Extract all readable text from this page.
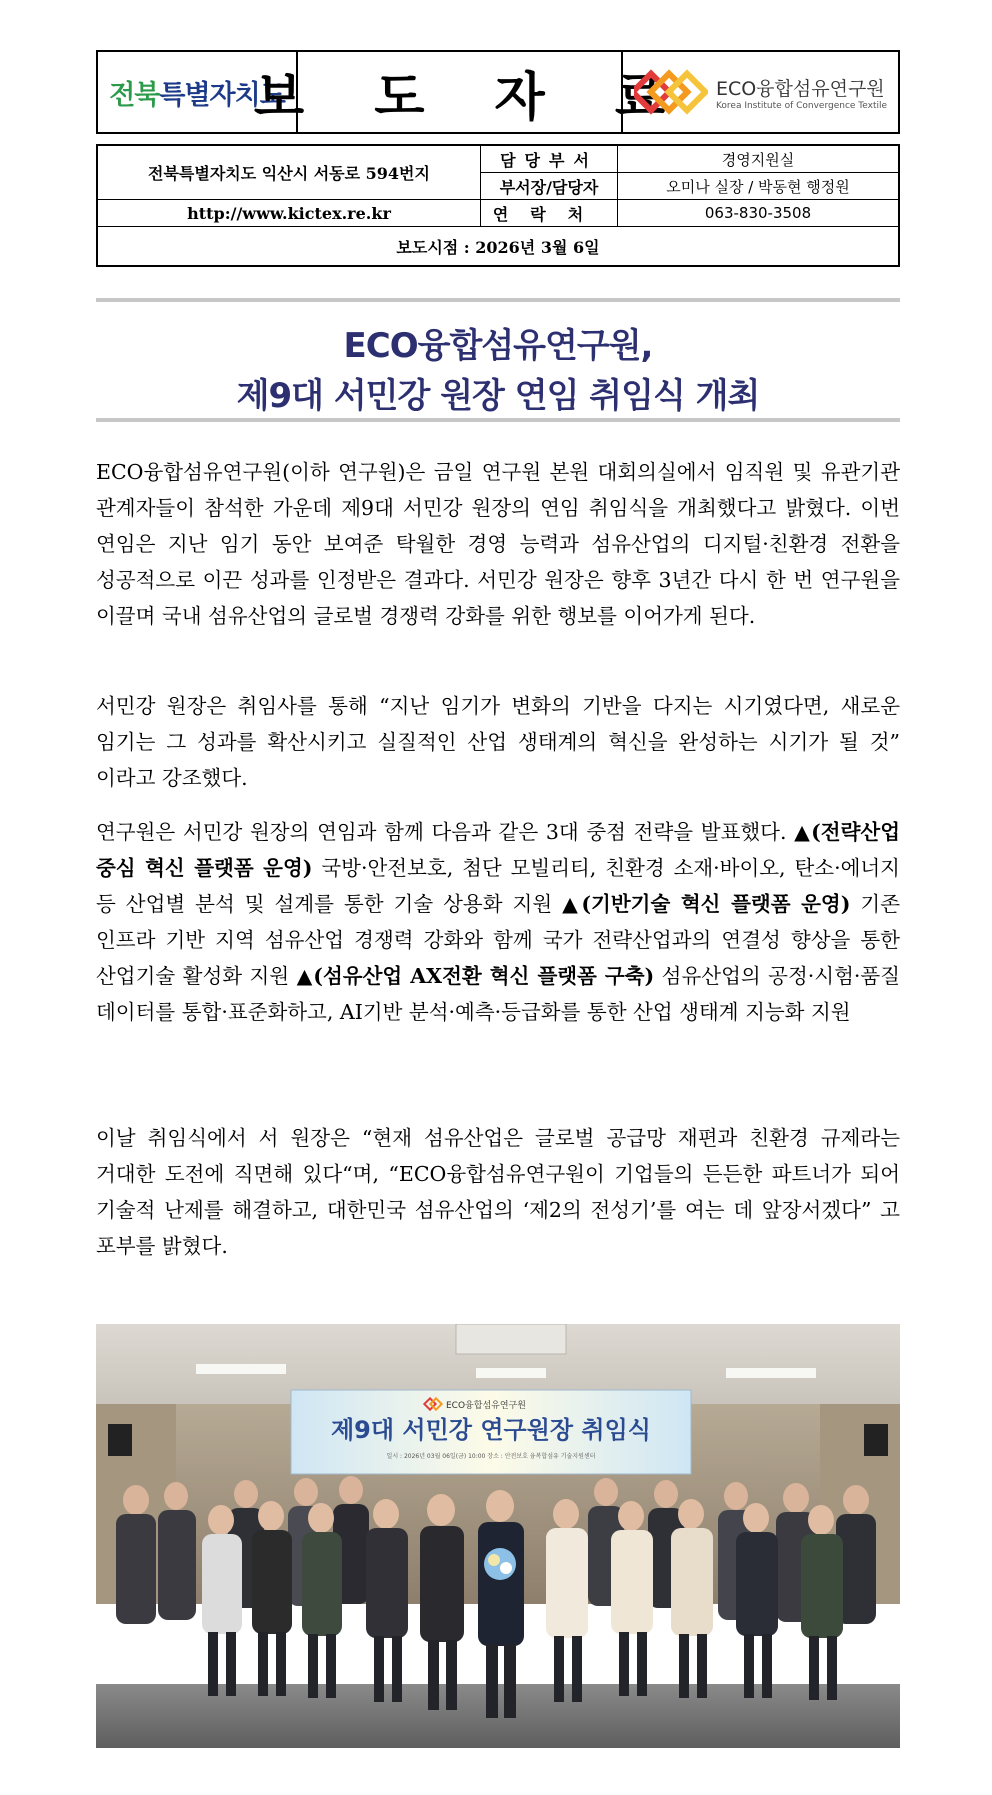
전북특별자치도
보 도 자 료 ECO융합섬유연구원
Korea Institute of Convergence Textile
전북특별자치도 익산시 서동로 594번지	담당부서	경영지원실
	부서장/담당자	오미나 실장 / 박동현 행정원
http://www.kictex.re.kr	연락처	063-830-3508
보도시점 : 2026년 3월 6일		
ECO융합섬유연구원,
제9대 서민강 원장 연임 취임식 개최
ECO융합섬유연구원(이하 연구원)은 금일 연구원 본원 대회의실에서 임직원 및 유관기관 관계자들이 참석한 가운데 제9대 서민강 원장의 연임 취임식을 개최했다고 밝혔다. 이번 연임은 지난 임기 동안 보여준 탁월한 경영 능력과 섬유산업의 디지털·친환경 전환을 성공적으로 이끈 성과를 인정받은 결과다. 서민강 원장은 향후 3년간 다시 한 번 연구원을 이끌며 국내 섬유산업의 글로벌 경쟁력 강화를 위한 행보를 이어가게 된다.
서민강 원장은 취임사를 통해 “지난 임기가 변화의 기반을 다지는 시기였다면, 새로운 임기는 그 성과를 확산시키고 실질적인 산업 생태계의 혁신을 완성하는 시기가 될 것” 이라고 강조했다.
연구원은 서민강 원장의 연임과 함께 다음과 같은 3대 중점 전략을 발표했다. ▲(전략산업 중심 혁신 플랫폼 운영) 국방·안전보호, 첨단 모빌리티, 친환경 소재·바이오, 탄소·에너지 등 산업별 분석 및 설계를 통한 기술 상용화 지원 ▲(기반기술 혁신 플랫폼 운영) 기존 인프라 기반 지역 섬유산업 경쟁력 강화와 함께 국가 전략산업과의 연결성 향상을 통한 산업기술 활성화 지원 ▲(섬유산업 AX전환 혁신 플랫폼 구축) 섬유산업의 공정·시험·품질 데이터를 통합·표준화하고, AI기반 분석·예측·등급화를 통한 산업 생태계 지능화 지원
이날 취임식에서 서 원장은 “현재 섬유산업은 글로벌 공급망 재편과 친환경 규제라는 거대한 도전에 직면해 있다“며, “ECO융합섬유연구원이 기업들의 든든한 파트너가 되어 기술적 난제를 해결하고, 대한민국 섬유산업의 ‘제2의 전성기’를 여는 데 앞장서겠다” 고 포부를 밝혔다.
ECO융합섬유연구원
제9대 서민강 연구원장 취임식
일시 : 2026년 03월 06일(금) 10:00 장소 : 안전보호 융복합섬유 기술지원센터
